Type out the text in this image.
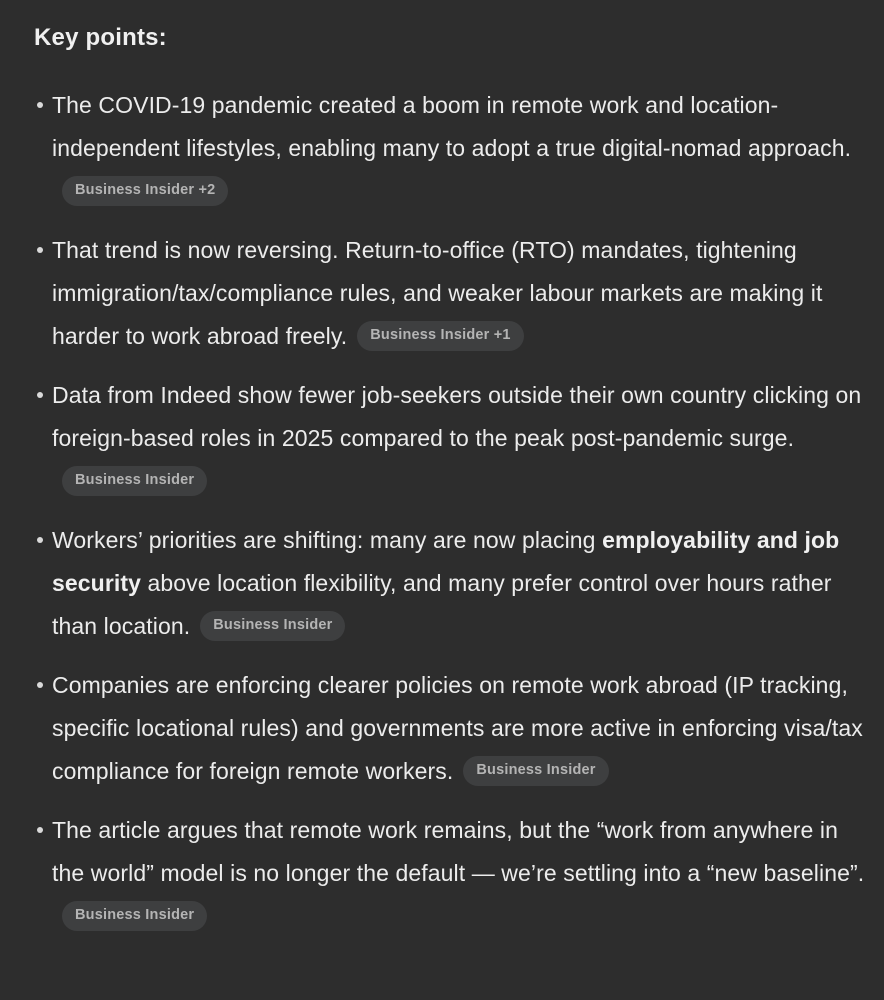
Key points:

The COVID-19 pandemic created a boom in remote work and location-independent lifestyles, enabling many to adopt a true digital-nomad approach.Business Insider +2

That trend is now reversing. Return-to-office (RTO) mandates, tightening immigration/tax/compliance rules, and weaker labour markets are making it harder to work abroad freely. Business Insider +1

Data from Indeed show fewer job-seekers outside their own country clicking on foreign-based roles in 2025 compared to the peak post-pandemic surge.Business Insider

Workers’ priorities are shifting: many are now placing employability and job security above location flexibility, and many prefer control over hours rather than location. Business Insider

Companies are enforcing clearer policies on remote work abroad (IP tracking, specific locational rules) and governments are more active in enforcing visa/tax compliance for foreign remote workers. Business Insider

The article argues that remote work remains, but the “work from anywhere in the world” model is no longer the default — we’re settling into a “new baseline”.Business Insider
